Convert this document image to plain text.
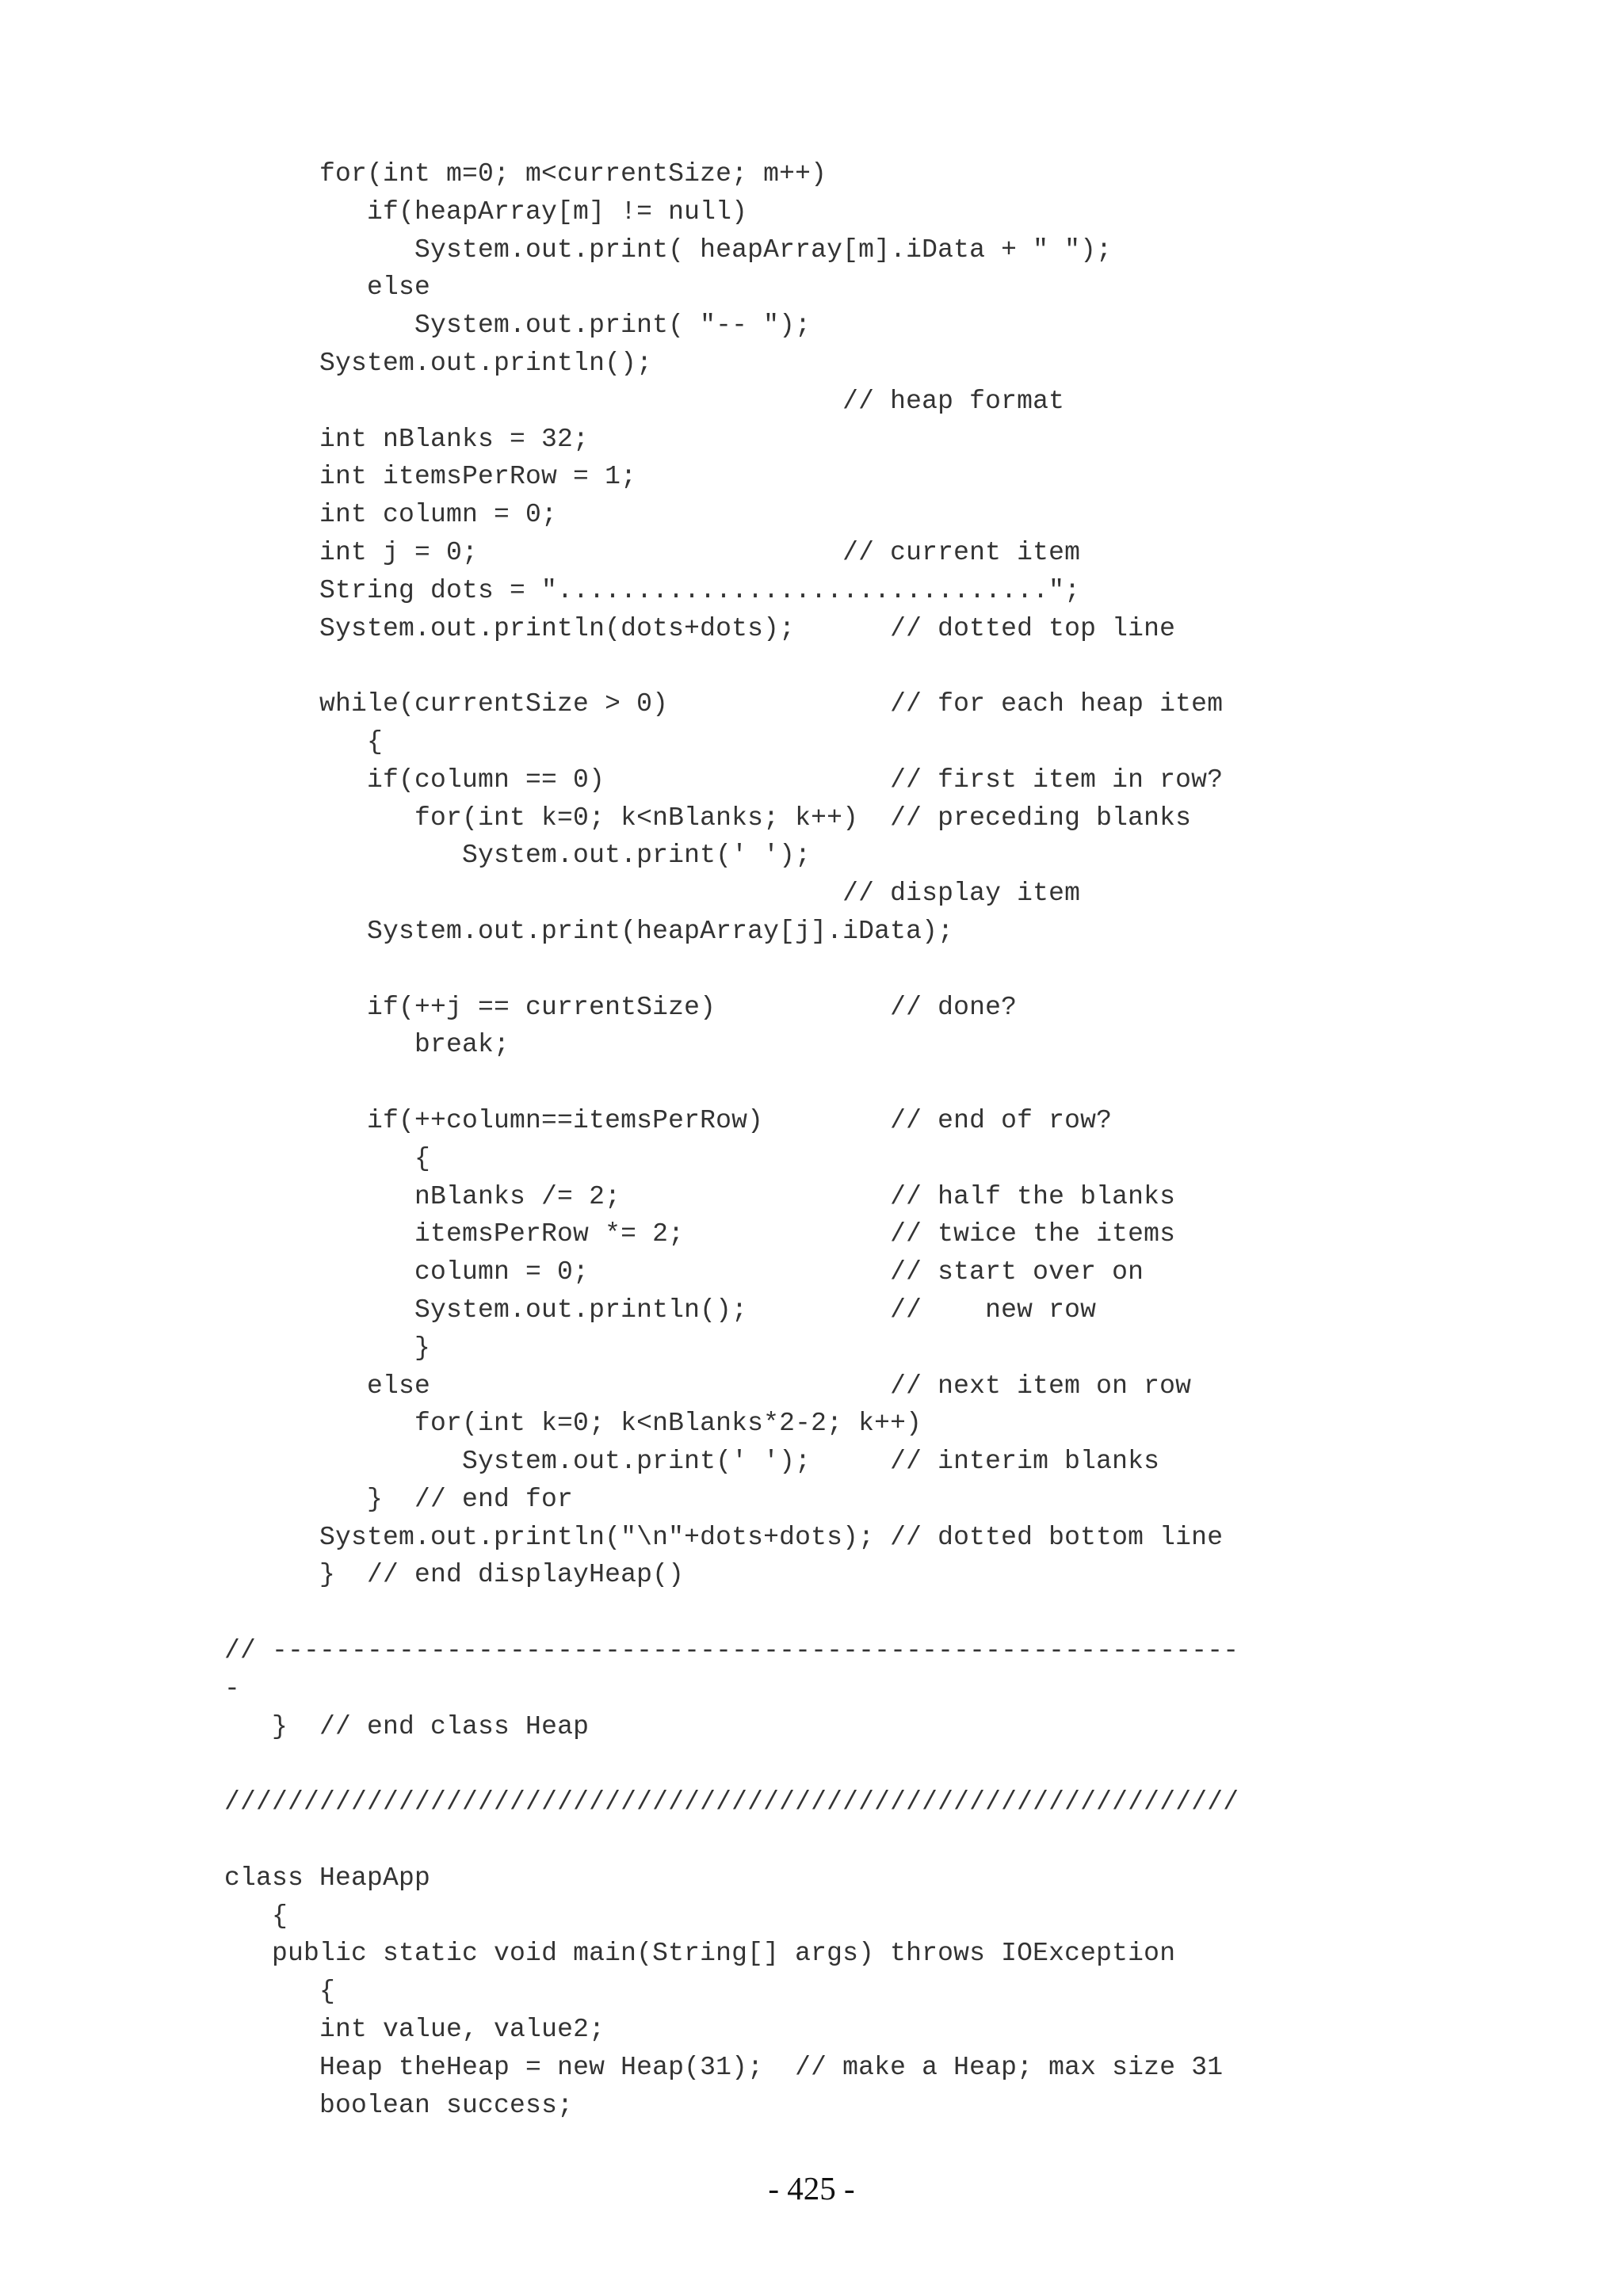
for(int m=0; m<currentSize; m++)
if(heapArray[m] != null)
System.out.print( heapArray[m].iData + " ");
else
System.out.print( "-- ");
System.out.println();
// heap format
int nBlanks = 32;
int itemsPerRow = 1;
int column = 0;
int j = 0;                       // current item
String dots = "...............................";
System.out.println(dots+dots);      // dotted top line
while(currentSize > 0)              // for each heap item
{
if(column == 0)                  // first item in row?
for(int k=0; k<nBlanks; k++)  // preceding blanks
System.out.print(' ');
// display item
System.out.print(heapArray[j].iData);
if(++j == currentSize)           // done?
break;
if(++column==itemsPerRow)        // end of row?
{
nBlanks /= 2;                 // half the blanks
itemsPerRow *= 2;             // twice the items
column = 0;                   // start over on
System.out.println();         //    new row
}
else                             // next item on row
for(int k=0; k<nBlanks*2-2; k++)
System.out.print(' ');     // interim blanks
}  // end for
System.out.println("\n"+dots+dots); // dotted bottom line
}  // end displayHeap()
// -------------------------------------------------------------
-
}  // end class Heap
////////////////////////////////////////////////////////////////
class HeapApp
{
public static void main(String[] args) throws IOException
{
int value, value2;
Heap theHeap = new Heap(31);  // make a Heap; max size 31
boolean success;
- 425 -
